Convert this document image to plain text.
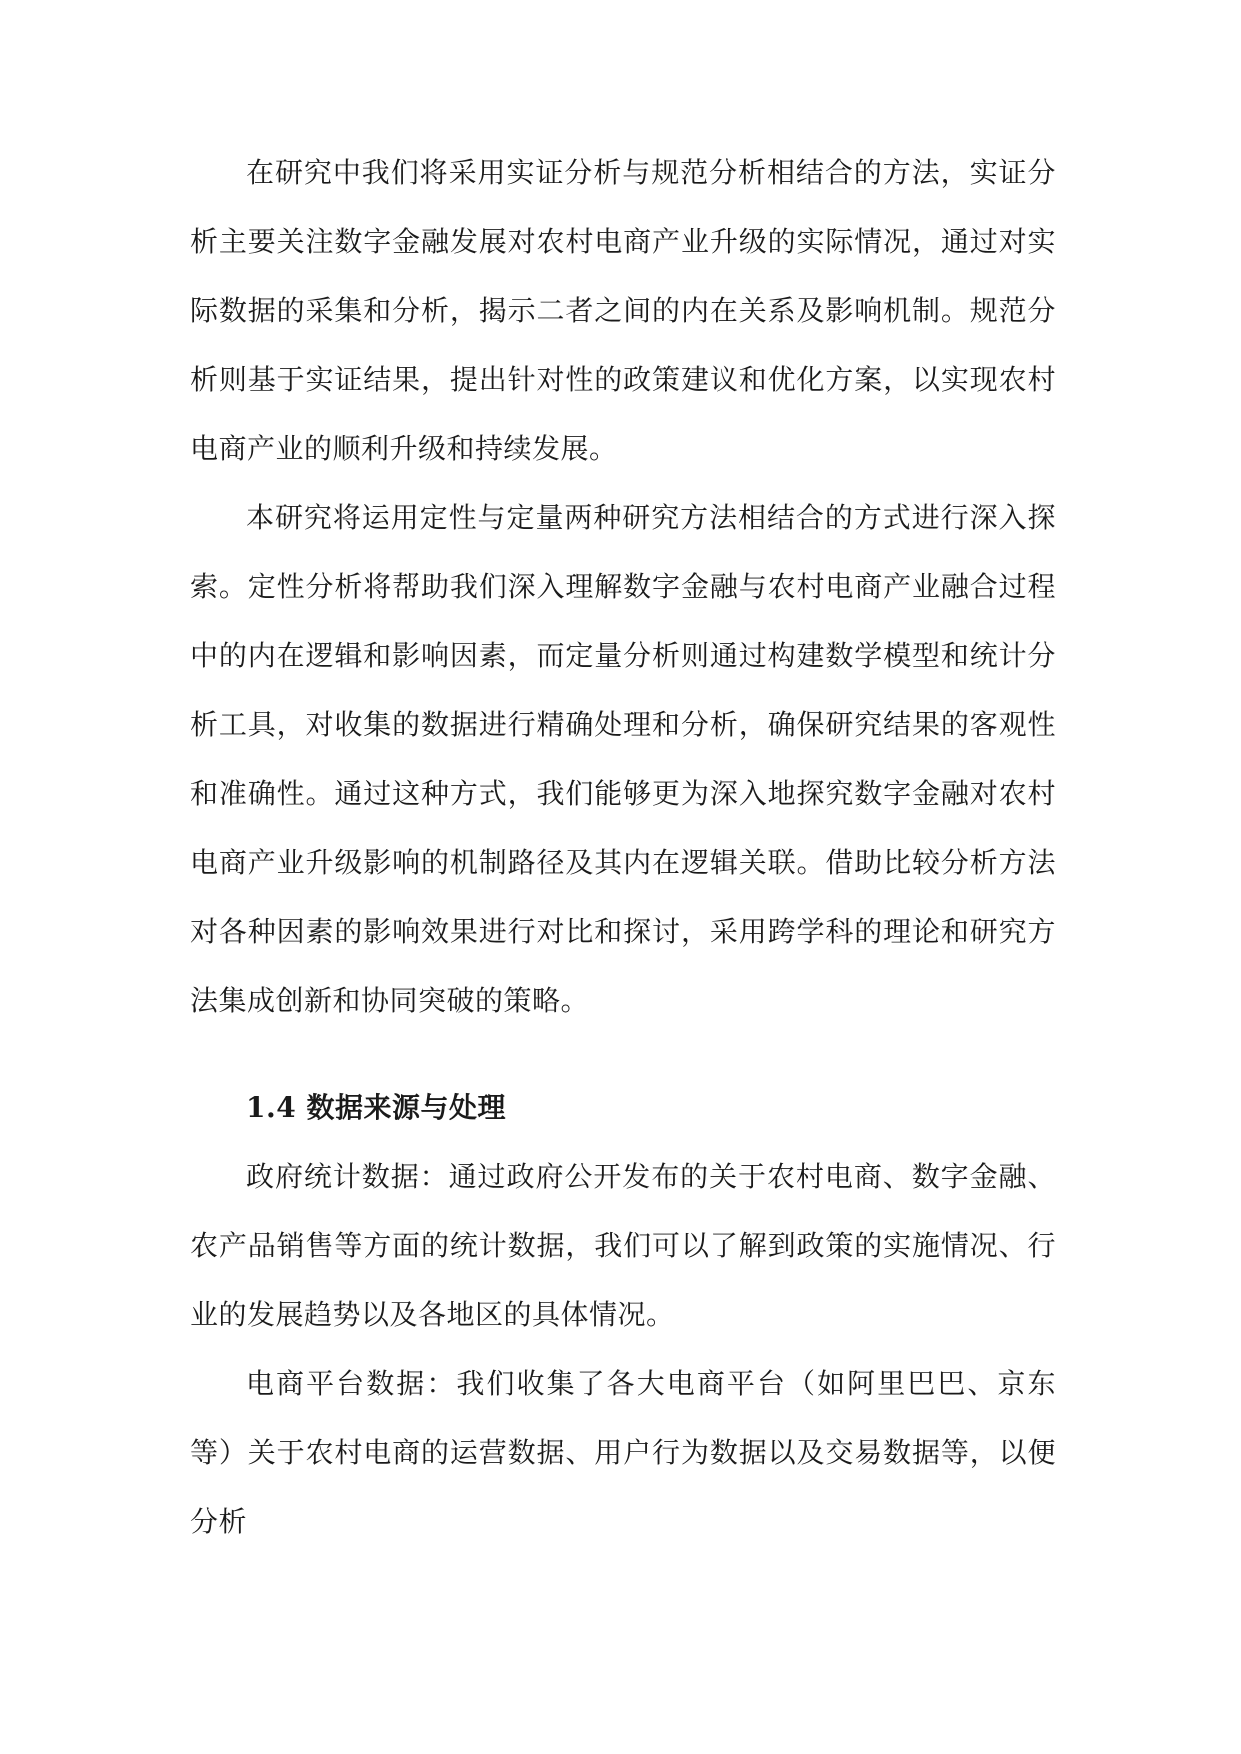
在研究中我们将采用实证分析与规范分析相结合的方法，实证分析主要关注数字金融发展对农村电商产业升级的实际情况，通过对实际数据的采集和分析，揭示二者之间的内在关系及影响机制。规范分析则基于实证结果，提出针对性的政策建议和优化方案，以实现农村电商产业的顺利升级和持续发展。

本研究将运用定性与定量两种研究方法相结合的方式进行深入探索。定性分析将帮助我们深入理解数字金融与农村电商产业融合过程中的内在逻辑和影响因素，而定量分析则通过构建数学模型和统计分析工具，对收集的数据进行精确处理和分析，确保研究结果的客观性和准确性。通过这种方式，我们能够更为深入地探究数字金融对农村电商产业升级影响的机制路径及其内在逻辑关联。借助比较分析方法对各种因素的影响效果进行对比和探讨，采用跨学科的理论和研究方法集成创新和协同突破的策略。

1.4 数据来源与处理

政府统计数据：通过政府公开发布的关于农村电商、数字金融、农产品销售等方面的统计数据，我们可以了解到政策的实施情况、行业的发展趋势以及各地区的具体情况。

电商平台数据：我们收集了各大电商平台（如阿里巴巴、京东等）关于农村电商的运营数据、用户行为数据以及交易数据等，以便分析
